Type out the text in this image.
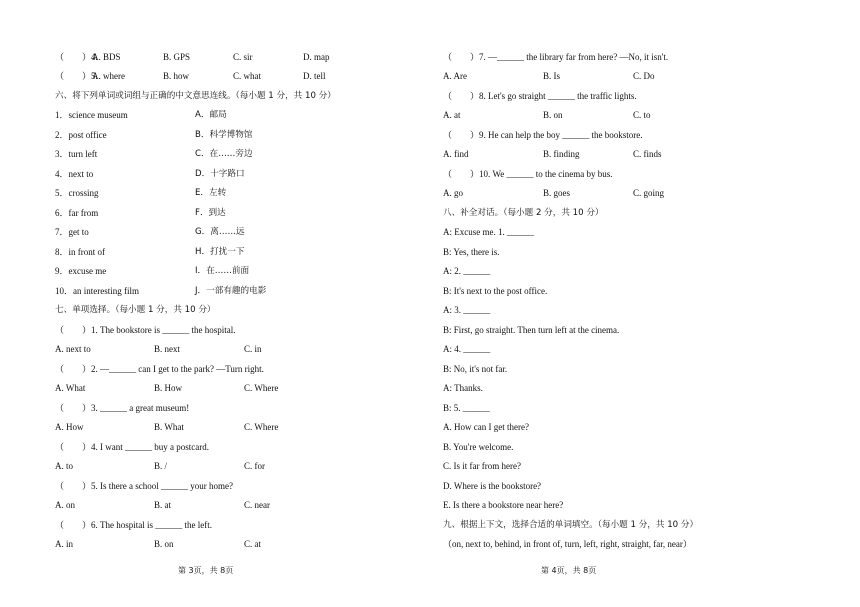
（　　）4.
A. BDS	B. GPS	C. sir	D. map
（　　）5.
A. where	B. how	C. what	D. tell
六、将下列单词或词组与正确的中文意思连线。（每小题 1 分，共 10 分）
1．science museum	A．邮局
2．post office	B．科学博物馆
3．turn left	C．在……旁边
4．next to	D．十字路口
5．crossing	E．左转
6．far from	F．到达
7．get to	G．离……远
8．in front of	H．打扰一下
9．excuse me	I．在……前面
10．an interesting film	J．一部有趣的电影
七、单项选择。（每小题 1 分，共 10 分）
（　　）1. The bookstore is ______ the hospital.
A. next to	B. next	C. in
（　　）2. —______ can I get to the park? —Turn right.
A. What	B. How	C. Where
（　　）3. ______ a great museum!
A. How	B. What	C. Where
（　　）4. I want ______ buy a postcard.
A. to	B. /	C. for
（　　）5. Is there a school ______ your home?
A. on	B. at	C. near
（　　）6. The hospital is ______ the left.
A. in	B. on	C. at
第 3页，共 8页
（　　）7. —______ the library far from here? —No, it isn't.
A. Are	B. Is	C. Do
（　　）8. Let's go straight ______ the traffic lights.
A. at	B. on	C. to
（　　）9. He can help the boy ______ the bookstore.
A. find	B. finding	C. finds
（　　）10. We ______ to the cinema by bus.
A. go	B. goes	C. going
八、补全对话。（每小题 2 分，共 10 分）
A: Excuse me. 1. ______
B: Yes, there is.
A: 2. ______
B: It's next to the post office.
A: 3. ______
B: First, go straight. Then turn left at the cinema.
A: 4. ______
B: No, it's not far.
A: Thanks.
B: 5. ______
A. How can I get there?
B. You're welcome.
C. Is it far from here?
D. Where is the bookstore?
E. Is there a bookstore near here?
九、根据上下文，选择合适的单词填空。（每小题 1 分，共 10 分）
（on, next to, behind, in front of, turn, left, right, straight, far, near）
第 4页，共 8页
